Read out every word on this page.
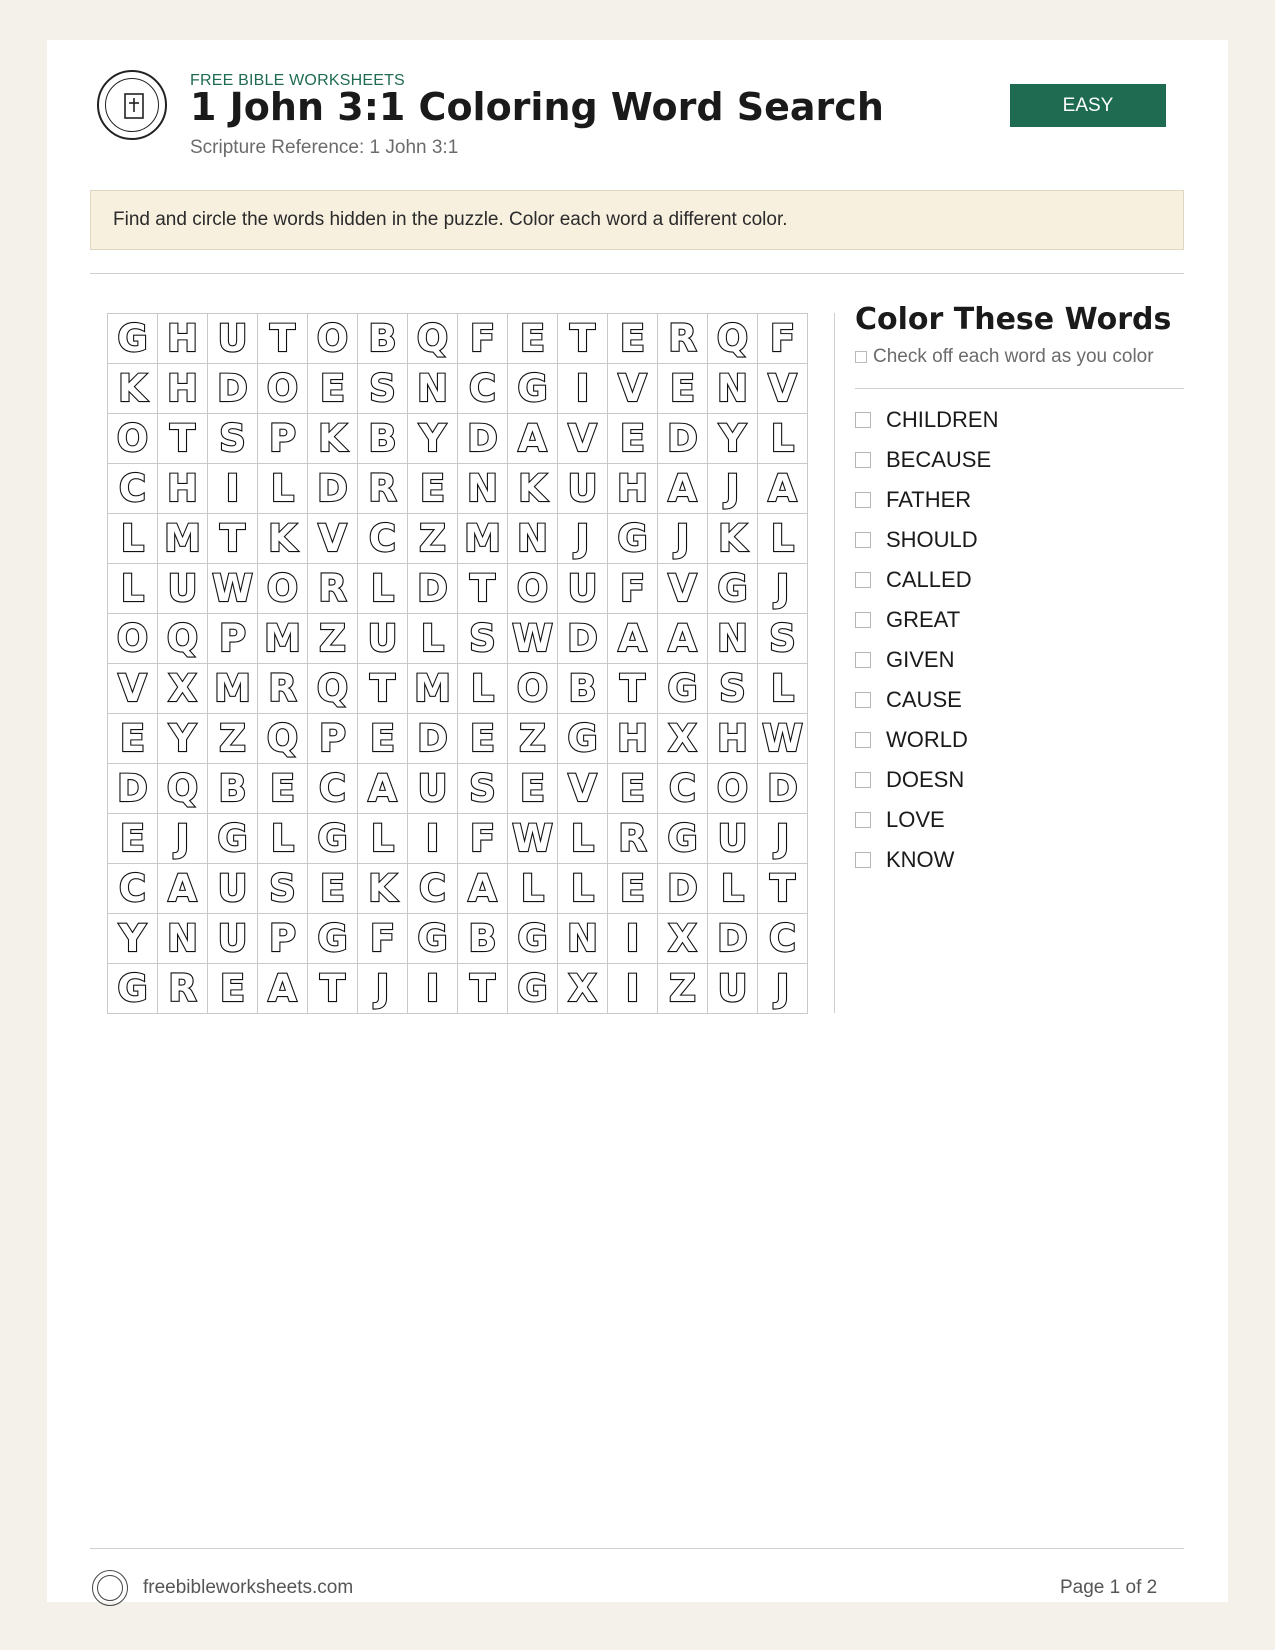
FREE BIBLE WORKSHEETS
1 John 3:1 Coloring Word Search
Scripture Reference: 1 John 3:1
EASY
Find and circle the words hidden in the puzzle. Color each word a different color.
G H U T O B Q F E T E R Q F
K H D O E S N C G I V E N V
O T S P K B Y D A V E D Y L
C H I L D R E N K U H A J A
L M T K V C Z M N J G J K L
L U W O R L D T O U F V G J
O Q P M Z U L S W D A A N S
V X M R Q T M L O B T G S L
E Y Z Q P E D E Z G H X H W
D Q B E C A U S E V E C O D
E J G L G L I F W L R G U J
C A U S E K C A L L E D L T
Y N U P G F G B G N I X D C
G R E A T J I T G X I Z U J
Color These Words
Check off each word as you color
CHILDREN
BECAUSE
FATHER
SHOULD
CALLED
GREAT
GIVEN
CAUSE
WORLD
DOESN
LOVE
KNOW
freebibleworksheets.com	Page 1 of 2
